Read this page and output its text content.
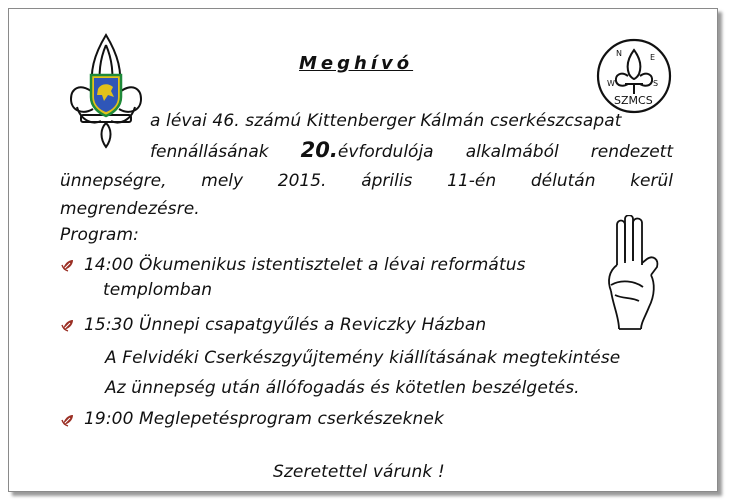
Meghívó	N	E
S
W
SZMCS
a lévai 46. számú Kittenberger Kálmán cserkészcsapat
fennállásának 20. évfordulója alkalmából rendezett
ünnepségre, mely 2015. április 11-én délután kerül
megrendezésre.
Program:
14:00 Ökumenikus istentisztelet a lévai református
templomban
15:30 Ünnepi csapatgyűlés a Reviczky Házban
A Felvidéki Cserkészgyűjtemény kiállításának megtekintése
Az ünnepség után állófogadás és kötetlen beszélgetés.
19:00 Meglepetésprogram cserkészeknek
Szeretettel várunk !
